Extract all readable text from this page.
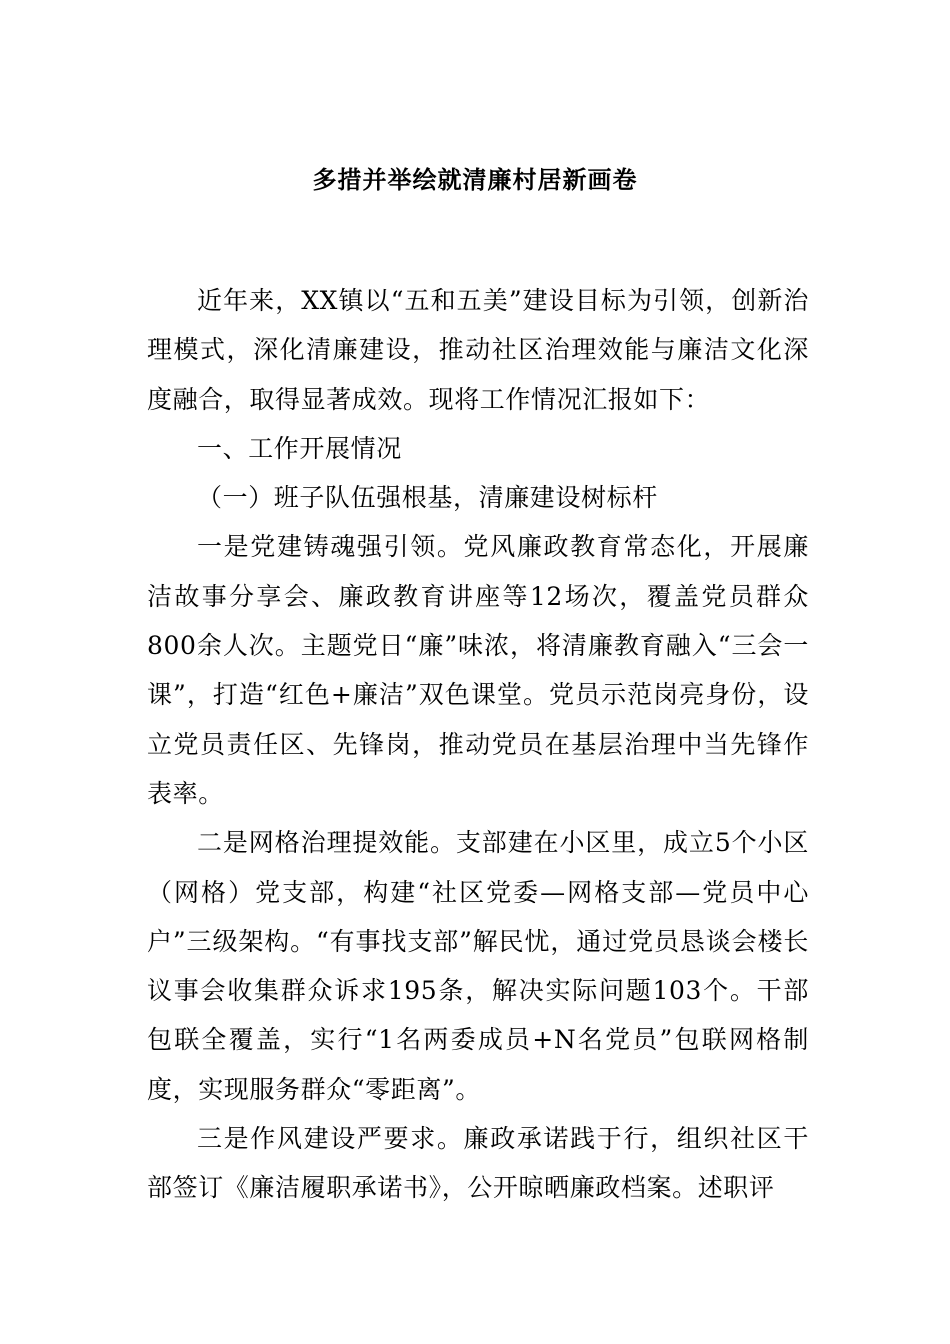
多措并举绘就清廉村居新画卷

近年来，XX镇以“五和五美”建设目标为引领，创新治理模式，深化清廉建设，推动社区治理效能与廉洁文化深度融合，取得显著成效。现将工作情况汇报如下：

一、工作开展情况

（一）班子队伍强根基，清廉建设树标杆

一是党建铸魂强引领。党风廉政教育常态化，开展廉洁故事分享会、廉政教育讲座等12场次，覆盖党员群众800余人次。主题党日“廉”味浓，将清廉教育融入“三会一课”，打造“红色+廉洁”双色课堂。党员示范岗亮身份，设立党员责任区、先锋岗，推动党员在基层治理中当先锋作表率。

二是网格治理提效能。支部建在小区里，成立5个小区（网格）党支部，构建“社区党委—网格支部—党员中心户”三级架构。“有事找支部”解民忧，通过党员恳谈会楼长议事会收集群众诉求195条，解决实际问题103个。干部包联全覆盖，实行“1名两委成员+N名党员”包联网格制度，实现服务群众“零距离”。

三是作风建设严要求。廉政承诺践于行，组织社区干部签订《廉洁履职承诺书》，公开晾晒廉政档案。述职评
